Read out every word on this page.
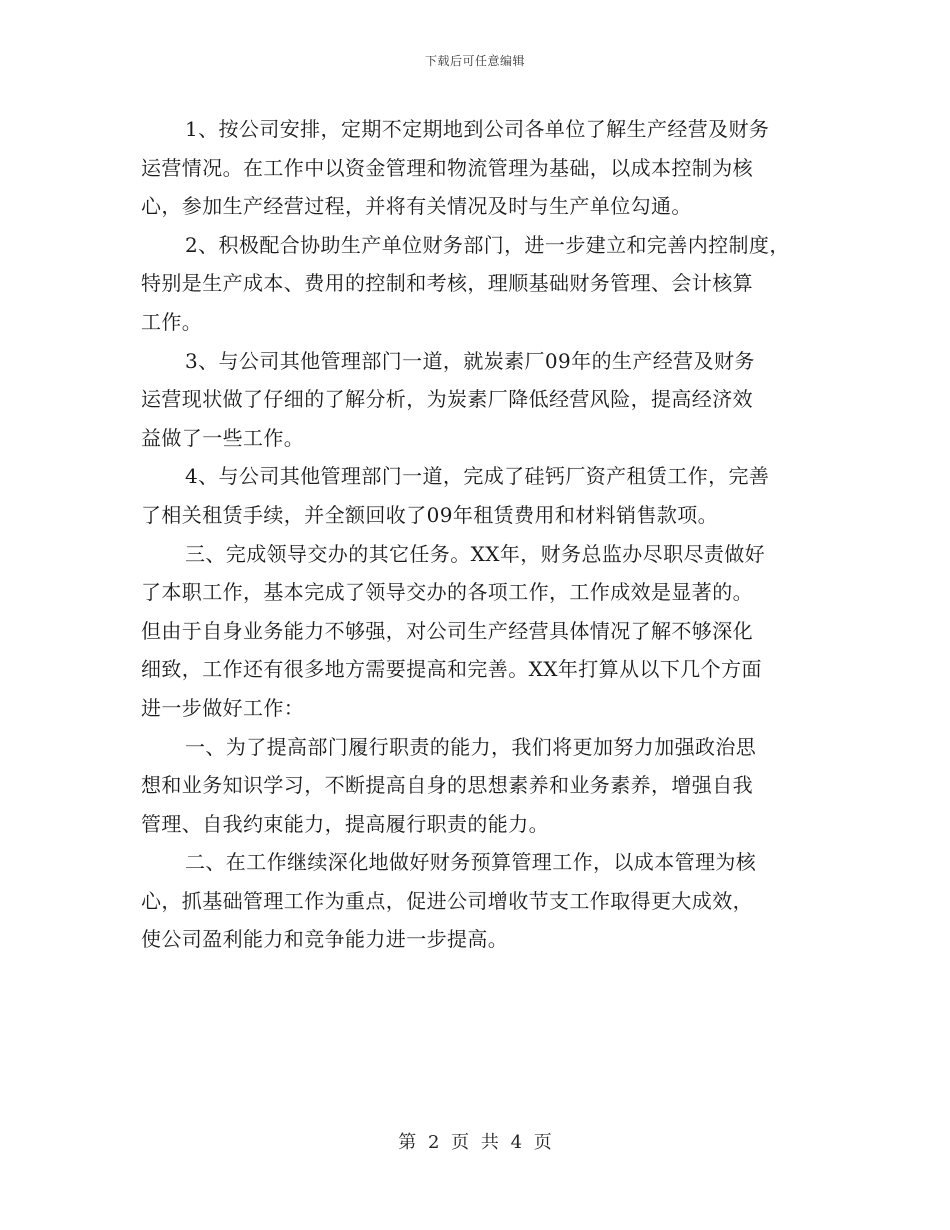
下载后可任意编辑
1、按公司安排，定期不定期地到公司各单位了解生产经营及财务
运营情况。在工作中以资金管理和物流管理为基础，以成本控制为核
心，参加生产经营过程，并将有关情况及时与生产单位勾通。
2、积极配合协助生产单位财务部门，进一步建立和完善内控制度，
特别是生产成本、费用的控制和考核，理顺基础财务管理、会计核算
工作。
3、与公司其他管理部门一道，就炭素厂09年的生产经营及财务
运营现状做了仔细的了解分析，为炭素厂降低经营风险，提高经济效
益做了一些工作。
4、与公司其他管理部门一道，完成了硅钙厂资产租赁工作，完善
了相关租赁手续，并全额回收了09年租赁费用和材料销售款项。
三、完成领导交办的其它任务。XX年，财务总监办尽职尽责做好
了本职工作，基本完成了领导交办的各项工作，工作成效是显著的。
但由于自身业务能力不够强，对公司生产经营具体情况了解不够深化
细致，工作还有很多地方需要提高和完善。XX年打算从以下几个方面
进一步做好工作：
一、为了提高部门履行职责的能力，我们将更加努力加强政治思
想和业务知识学习，不断提高自身的思想素养和业务素养，增强自我
管理、自我约束能力，提高履行职责的能力。
二、在工作继续深化地做好财务预算管理工作，以成本管理为核
心，抓基础管理工作为重点，促进公司增收节支工作取得更大成效，
使公司盈利能力和竞争能力进一步提高。
第 2 页 共 4 页
